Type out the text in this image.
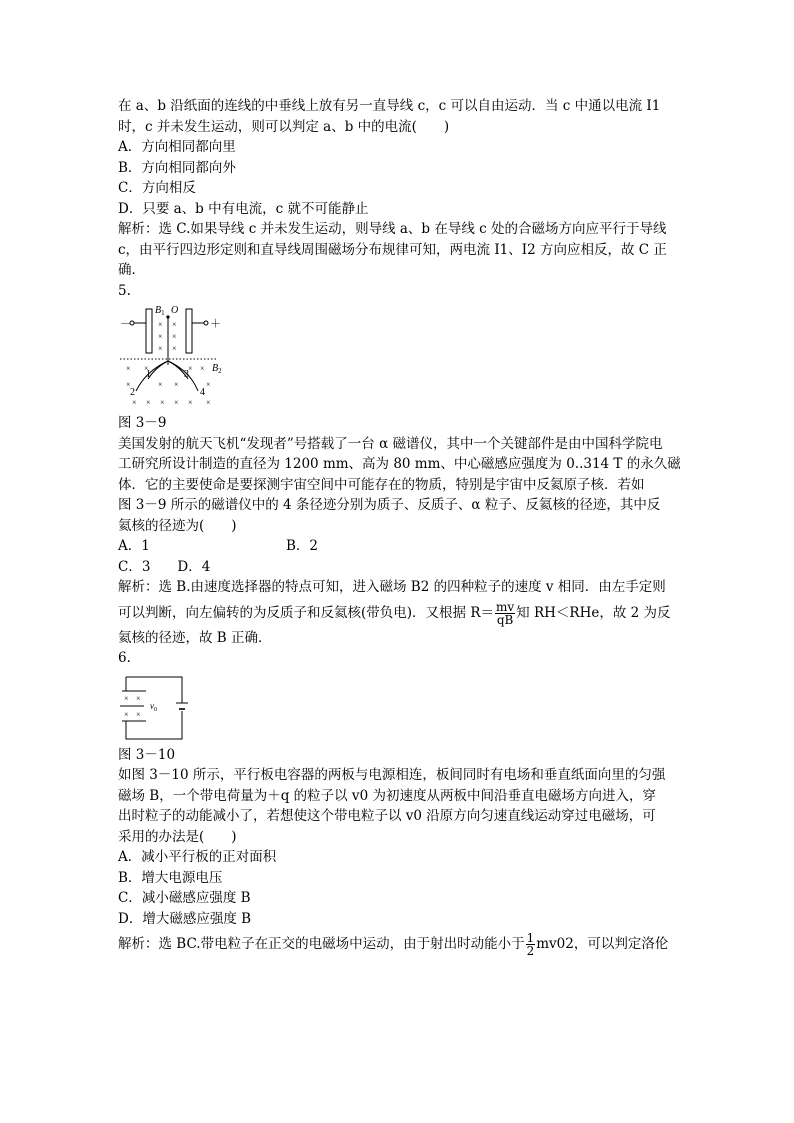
在 a、b 沿纸面的连线的中垂线上放有另一直导线 c，c 可以自由运动．当 c 中通以电流 I1
时，c 并未发生运动，则可以判定 a、b 中的电流(　　)
A．方向相同都向里
B．方向相同都向外
C．方向相反
D．只要 a、b 中有电流，c 就不可能静止
解析：选 C.如果导线 c 并未发生运动，则导线 a、b 在导线 c 处的合磁场方向应平行于导线
c，由平行四边形定则和直导线周围磁场分布规律可知，两电流 I1、I2 方向应相反，故 C 正
确．
5.
－	＋
$B_1$ O
× ×
× ×
× ×
$B_2$
1
2
3
4
× ×	× ×
×	× ×	×
× × × × × ×
图 3－9
美国发射的航天飞机“发现者”号搭载了一台 α 磁谱仪，其中一个关键部件是由中国科学院电
工研究所设计制造的直径为 1200 mm、高为 80 mm、中心磁感应强度为 0..314 T 的永久磁
体．它的主要使命是要探测宇宙空间中可能存在的物质，特别是宇宙中反氦原子核．若如
图 3－9 所示的磁谱仪中的 4 条径迹分别为质子、反质子、α 粒子、反氦核的径迹，其中反
氦核的径迹为(　　)
A．1	B．2
C．3　　D．4
解析：选 B.由速度选择器的特点可知，进入磁场 B2 的四种粒子的速度 v 相同．由左手定则
可以判断，向左偏转的为反质子和反氦核(带负电)．又根据 $R= \frac{mv}{qB}$ 知 RH＜RHe，故 2 为反
氦核的径迹，故 B 正确．
6.
× ×
× ×
$v_0$
图 3－10
如图 3－10 所示，平行板电容器的两板与电源相连，板间同时有电场和垂直纸面向里的匀强
磁场 B，一个带电荷量为＋q 的粒子以 v0 为初速度从两板中间沿垂直电磁场方向进入，穿
出时粒子的动能减小了，若想使这个带电粒子以 v0 沿原方向匀速直线运动穿过电磁场，可
采用的办法是(　　)
A．减小平行板的正对面积
B．增大电源电压
C．减小磁感应强度 B
D．增大磁感应强度 B
解析：选 BC.带电粒子在正交的电磁场中运动，由于射出时动能小于 $\frac{1}{2} mv02$，可以判定洛伦
